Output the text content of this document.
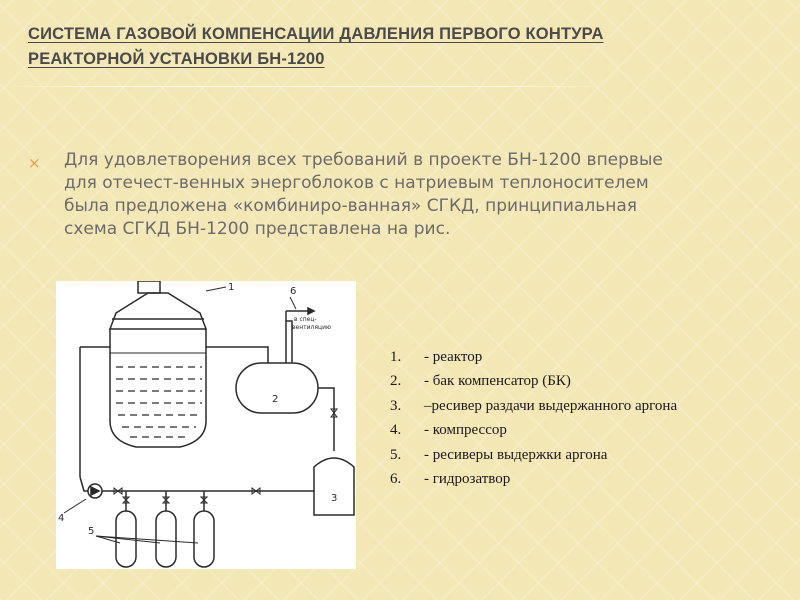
СИСТЕМА ГАЗОВОЙ КОМПЕНСАЦИИ ДАВЛЕНИЯ ПЕРВОГО КОНТУРА
РЕАКТОРНОЙ УСТАНОВКИ БН-1200
× Для удовлетворения всех требований в проекте БН-1200 впервые
для отечест-венных энергоблоков с натриевым теплоносителем
была предложена «комбиниро-ванная» СГКД, принципиальная
схема СГКД БН-1200 представлена на рис.
1
4
2
6
в спец-
вентиляцию
3
5
1. - реактор
2. - бак компенсатор (БК)
3. –ресивер раздачи выдержанного аргона
4. - компрессор
5. - ресиверы выдержки аргона
6. - гидрозатвор
